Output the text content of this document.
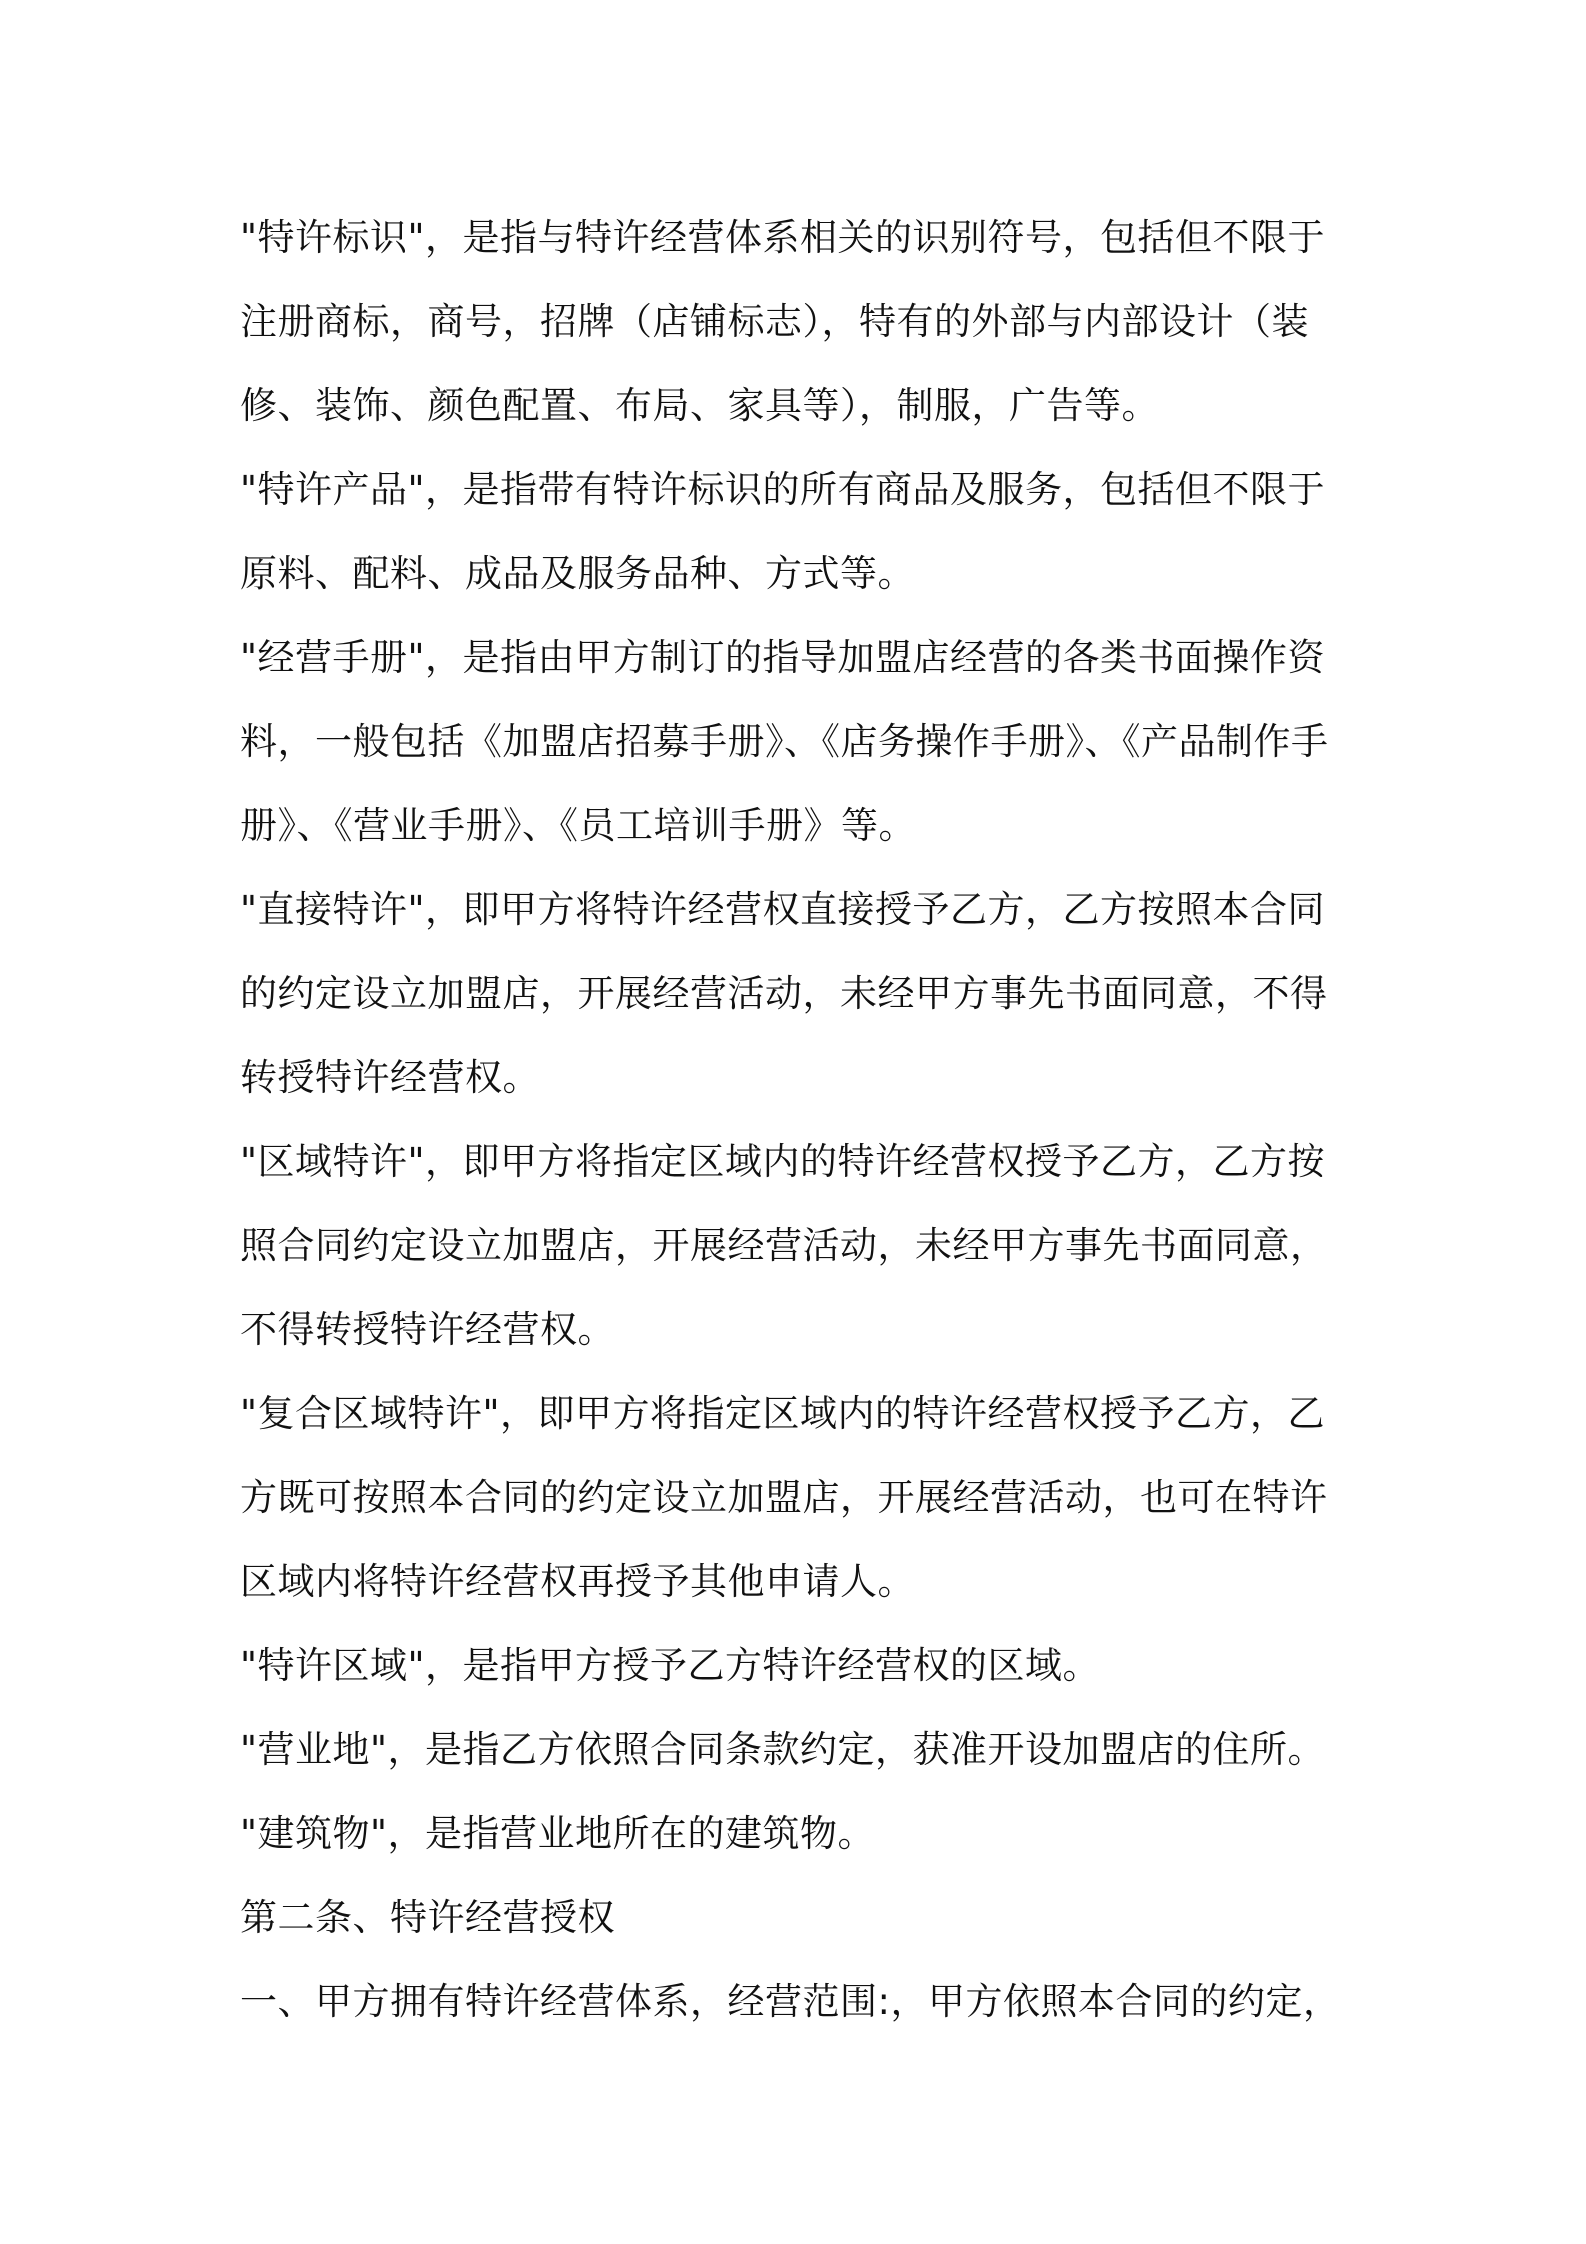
"特许标识"，是指与特许经营体系相关的识别符号，包括但不限于注册商标，商号，招牌（店铺标志），特有的外部与内部设计（装修、装饰、颜色配置、布局、家具等），制服，广告等。

"特许产品"，是指带有特许标识的所有商品及服务，包括但不限于原料、配料、成品及服务品种、方式等。

"经营手册"，是指由甲方制订的指导加盟店经营的各类书面操作资料，一般包括《加盟店招募手册》、《店务操作手册》、《产品制作手册》、《营业手册》、《员工培训手册》等。

"直接特许"，即甲方将特许经营权直接授予乙方，乙方按照本合同的约定设立加盟店，开展经营活动，未经甲方事先书面同意，不得转授特许经营权。

"区域特许"，即甲方将指定区域内的特许经营权授予乙方，乙方按照合同约定设立加盟店，开展经营活动，未经甲方事先书面同意，不得转授特许经营权。

"复合区域特许"，即甲方将指定区域内的特许经营权授予乙方，乙方既可按照本合同的约定设立加盟店，开展经营活动，也可在特许区域内将特许经营权再授予其他申请人。

"特许区域"，是指甲方授予乙方特许经营权的区域。

"营业地"，是指乙方依照合同条款约定，获准开设加盟店的住所。

"建筑物"，是指营业地所在的建筑物。

第二条、特许经营授权

一、甲方拥有特许经营体系，经营范围:，甲方依照本合同的约定，
